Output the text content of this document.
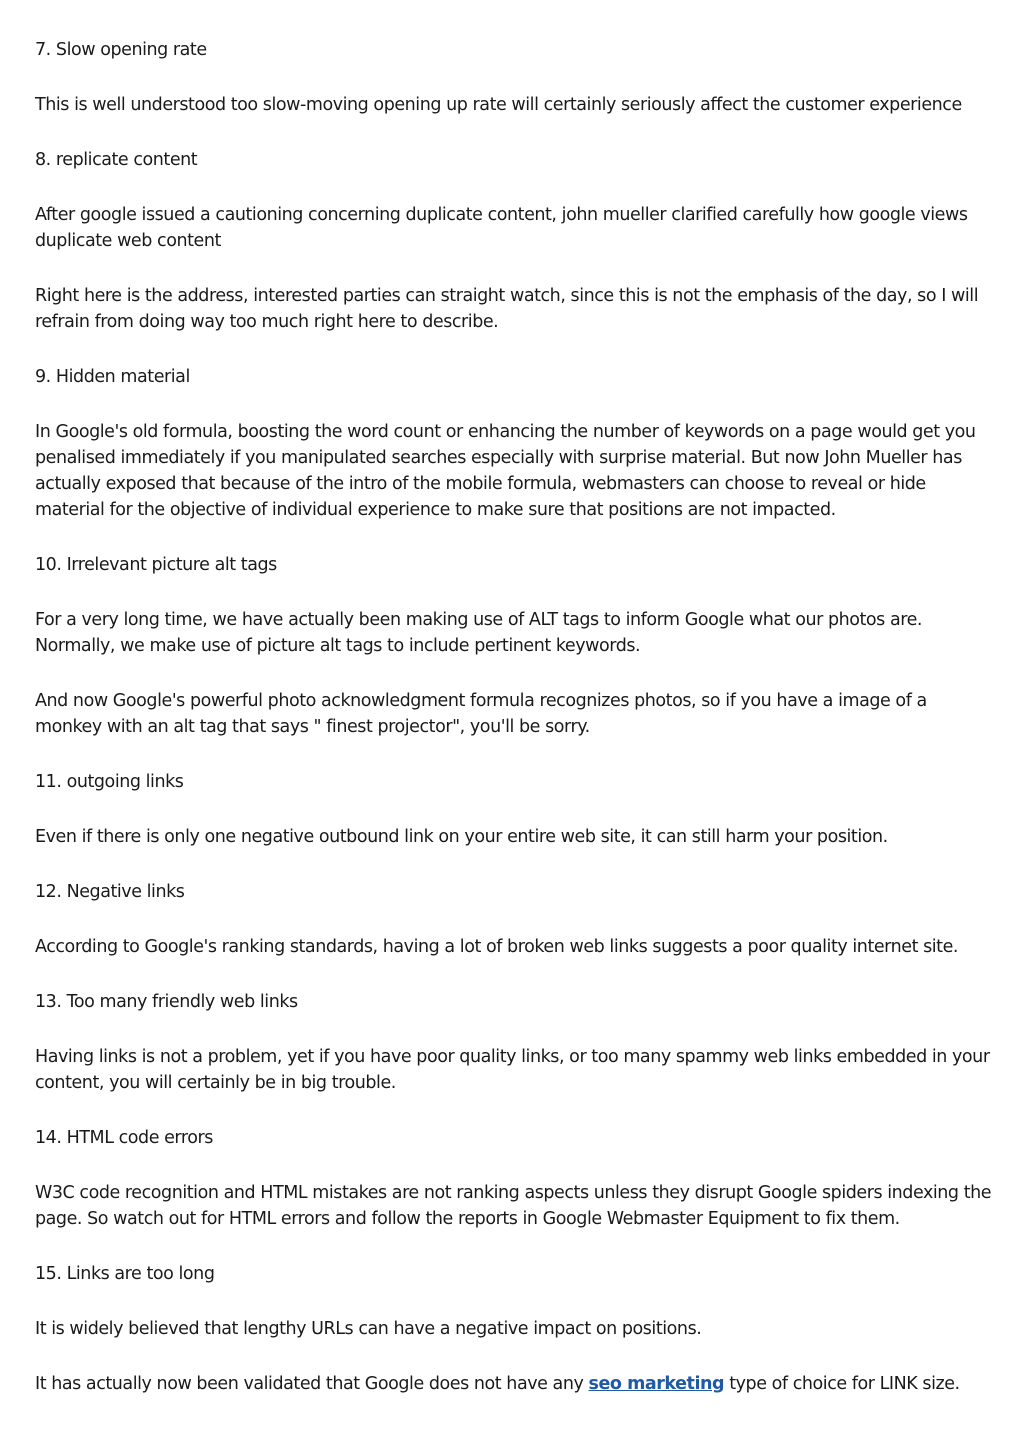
7. Slow opening rate

This is well understood too slow-moving opening up rate will certainly seriously affect the customer experience

8. replicate content

After google issued a cautioning concerning duplicate content, john mueller clarified carefully how google views duplicate web content

Right here is the address, interested parties can straight watch, since this is not the emphasis of the day, so I will refrain from doing way too much right here to describe.

9. Hidden material

In Google's old formula, boosting the word count or enhancing the number of keywords on a page would get you penalised immediately if you manipulated searches especially with surprise material. But now John Mueller has actually exposed that because of the intro of the mobile formula, webmasters can choose to reveal or hide material for the objective of individual experience to make sure that positions are not impacted.

10. Irrelevant picture alt tags

For a very long time, we have actually been making use of ALT tags to inform Google what our photos are. Normally, we make use of picture alt tags to include pertinent keywords.

And now Google's powerful photo acknowledgment formula recognizes photos, so if you have a image of a monkey with an alt tag that says " finest projector", you'll be sorry.

11. outgoing links

Even if there is only one negative outbound link on your entire web site, it can still harm your position.

12. Negative links

According to Google's ranking standards, having a lot of broken web links suggests a poor quality internet site.

13. Too many friendly web links

Having links is not a problem, yet if you have poor quality links, or too many spammy web links embedded in your content, you will certainly be in big trouble.

14. HTML code errors

W3C code recognition and HTML mistakes are not ranking aspects unless they disrupt Google spiders indexing the page. So watch out for HTML errors and follow the reports in Google Webmaster Equipment to fix them.

15. Links are too long

It is widely believed that lengthy URLs can have a negative impact on positions.

It has actually now been validated that Google does not have any seo marketing type of choice for LINK size.
